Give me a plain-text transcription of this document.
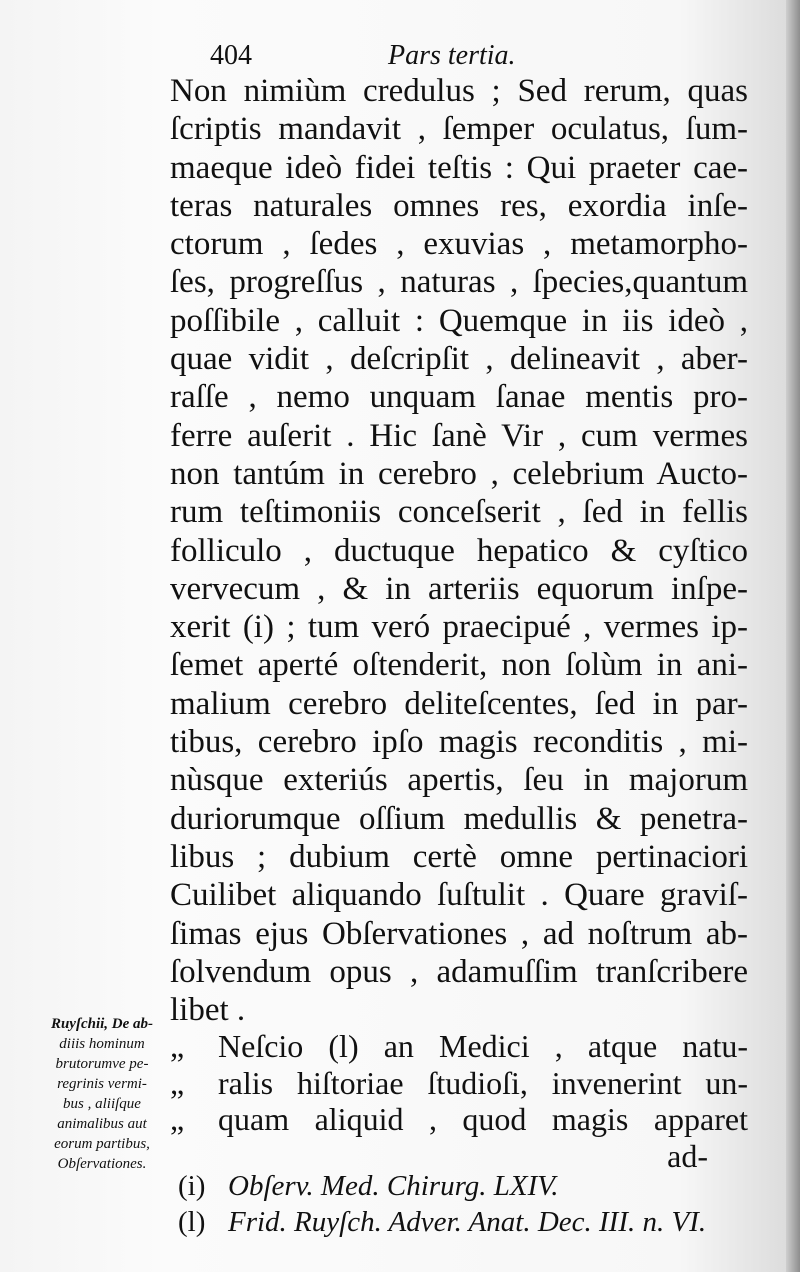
404	Pars tertia.
Non nimiùm credulus ; Sed rerum, quas
ſcriptis mandavit , ſemper oculatus, ſum-
maeque ideò fidei teſtis : Qui praeter cae-
teras naturales omnes res, exordia inſe-
ctorum , ſedes , exuvias , metamorpho-
ſes, progreſſus , naturas , ſpecies,quantum
poſſibile , calluit : Quemque in iis ideò ,
quae vidit , deſcripſit , delineavit , aber-
raſſe , nemo unquam ſanae mentis pro-
ferre auſerit . Hic ſanè Vir , cum vermes
non tantúm in cerebro , celebrium Aucto-
rum teſtimoniis conceſserit , ſed in fellis
folliculo , ductuque hepatico & cyſtico
vervecum , & in arteriis equorum inſpe-
xerit (i) ; tum veró praecipué , vermes ip-
ſemet aperté oſtenderit, non ſolùm in ani-
malium cerebro deliteſcentes, ſed in par-
tibus, cerebro ipſo magis reconditis , mi-
nùsque exteriús apertis, ſeu in majorum
duriorumque oſſium medullis & penetra-
libus ; dubium certè omne pertinaciori
Cuilibet aliquando ſuſtulit . Quare graviſ-
ſimas ejus Obſervationes , ad noſtrum ab-
ſolvendum opus , adamuſſim tranſcribere
libet .
Ruyſchii, De ab-
diiis hominum
brutorumve pe-
regrinis vermi-
bus , aliiſque
animalibus aut
eorum partibus,
Obſervationes.
„	Neſcio (l) an Medici , atque natu-
„	ralis hiſtoriae ſtudioſi, invenerint un-
„	quam aliquid , quod magis apparet
ad-
(i) Obſerv. Med. Chirurg. LXIV.
(l) Frid. Ruyſch. Adver. Anat. Dec. III. n. VI.
